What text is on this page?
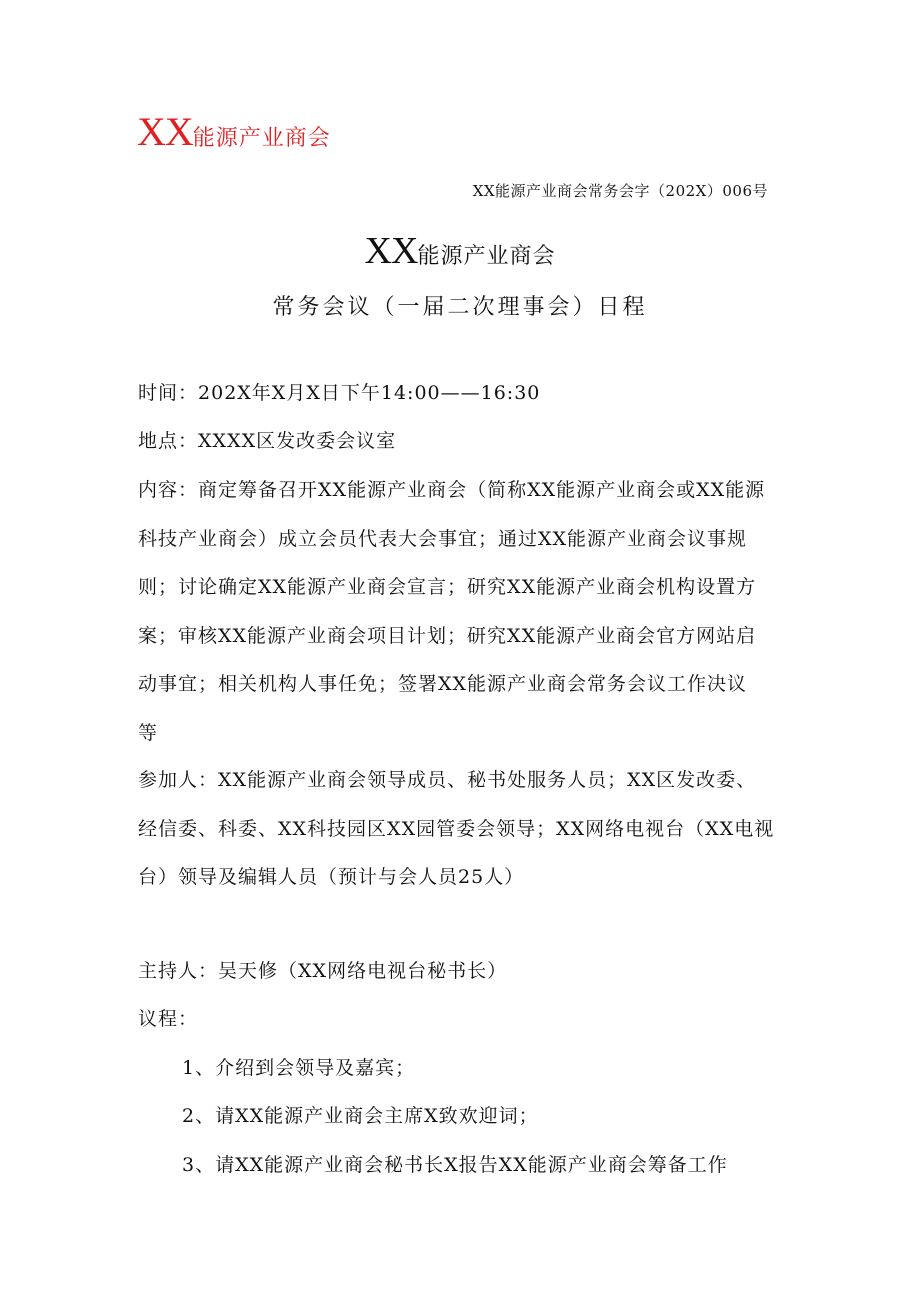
XX能源产业商会
XX能源产业商会常务会字（202X）006号
XX能源产业商会
常务会议（一届二次理事会）日程
时间：202X年X月X日下午14:00——16:30
地点：XXXX区发改委会议室
内容：商定筹备召开XX能源产业商会（简称XX能源产业商会或XX能源
科技产业商会）成立会员代表大会事宜；通过XX能源产业商会议事规
则；讨论确定XX能源产业商会宣言；研究XX能源产业商会机构设置方
案；审核XX能源产业商会项目计划；研究XX能源产业商会官方网站启
动事宜；相关机构人事任免；签署XX能源产业商会常务会议工作决议
等
参加人：XX能源产业商会领导成员、秘书处服务人员；XX区发改委、
经信委、科委、XX科技园区XX园管委会领导；XX网络电视台（XX电视
台）领导及编辑人员（预计与会人员25人）
主持人：吴天修（XX网络电视台秘书长）
议程：
1、介绍到会领导及嘉宾；
2、请XX能源产业商会主席X致欢迎词；
3、请XX能源产业商会秘书长X报告XX能源产业商会筹备工作
